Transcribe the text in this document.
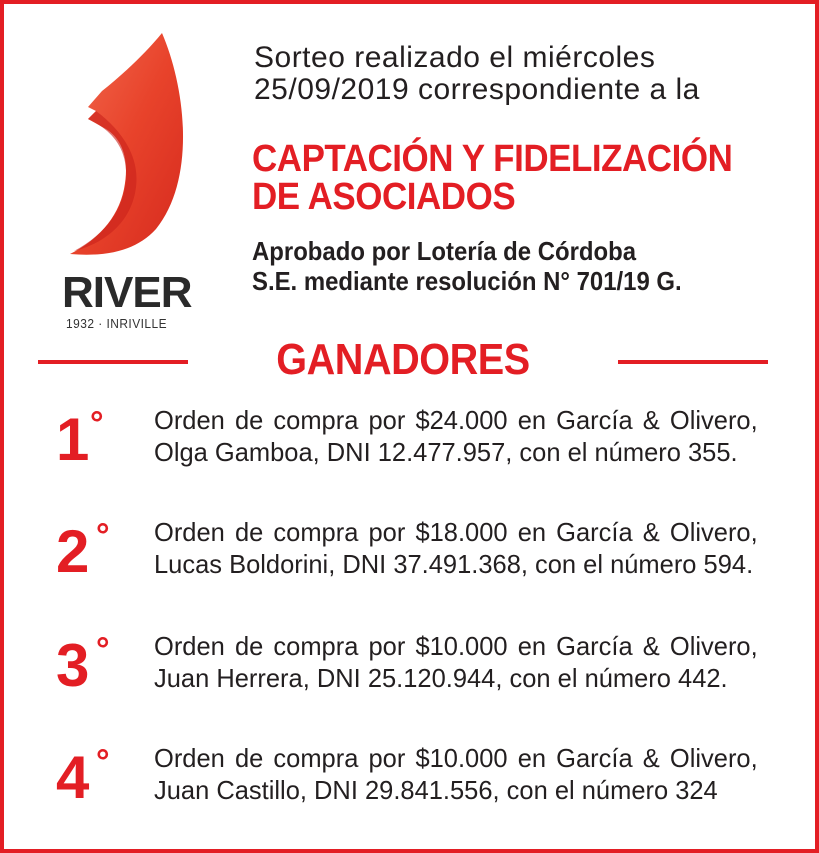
RIVER
1932 · INRIVILLE
Sorteo realizado el miércoles
25/09/2019 correspondiente a la
CAPTACIÓN Y FIDELIZACIÓN
DE ASOCIADOS
Aprobado por Lotería de Córdoba
S.E. mediante resolución N° 701/19 G.
GANADORES
1 ° Orden de compra por $24.000 en García & Olivero, Olga Gamboa, DNI 12.477.957, con el número 355.
2 ° Orden de compra por $18.000 en García & Olivero, Lucas Boldorini, DNI 37.491.368, con el número 594.
3 ° Orden de compra por $10.000 en García & Olivero, Juan Herrera, DNI 25.120.944, con el número 442.
4 ° Orden de compra por $10.000 en García & Olivero, Juan Castillo, DNI 29.841.556, con el número 324
